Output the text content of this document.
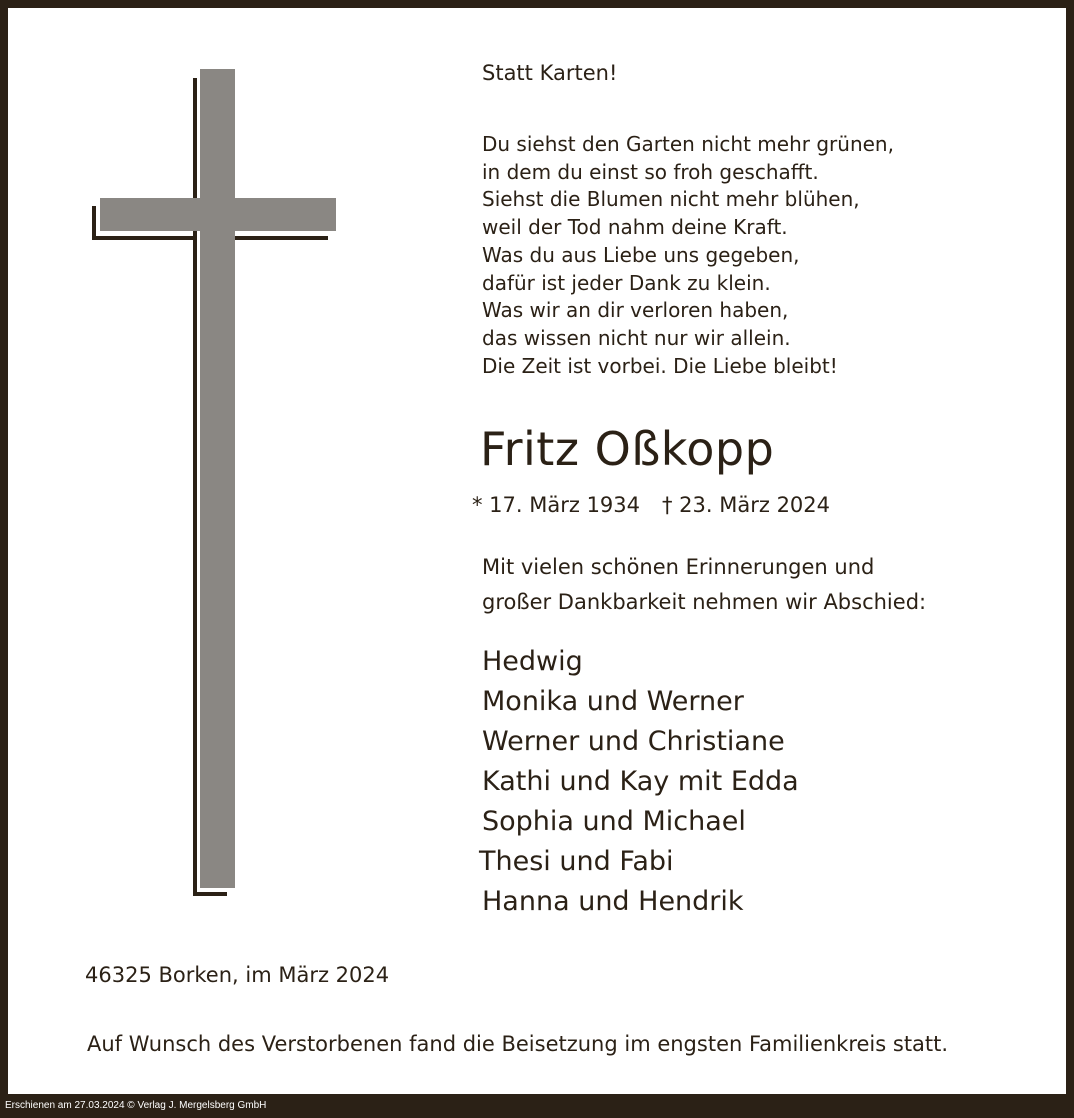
Statt Karten!
Du siehst den Garten nicht mehr grünen,
in dem du einst so froh geschafft.
Siehst die Blumen nicht mehr blühen,
weil der Tod nahm deine Kraft.
Was du aus Liebe uns gegeben,
dafür ist jeder Dank zu klein.
Was wir an dir verloren haben,
das wissen nicht nur wir allein.
Die Zeit ist vorbei. Die Liebe bleibt!
Fritz Oßkopp
* 17. März 1934 † 23. März 2024
Mit vielen schönen Erinnerungen und
großer Dankbarkeit nehmen wir Abschied:
Hedwig
Monika und Werner
Werner und Christiane
Kathi und Kay mit Edda
Sophia und Michael
Thesi und Fabi
Hanna und Hendrik
46325 Borken, im März 2024
Auf Wunsch des Verstorbenen fand die Beisetzung im engsten Familienkreis statt.
Erschienen am 27.03.2024 © Verlag J. Mergelsberg GmbH
